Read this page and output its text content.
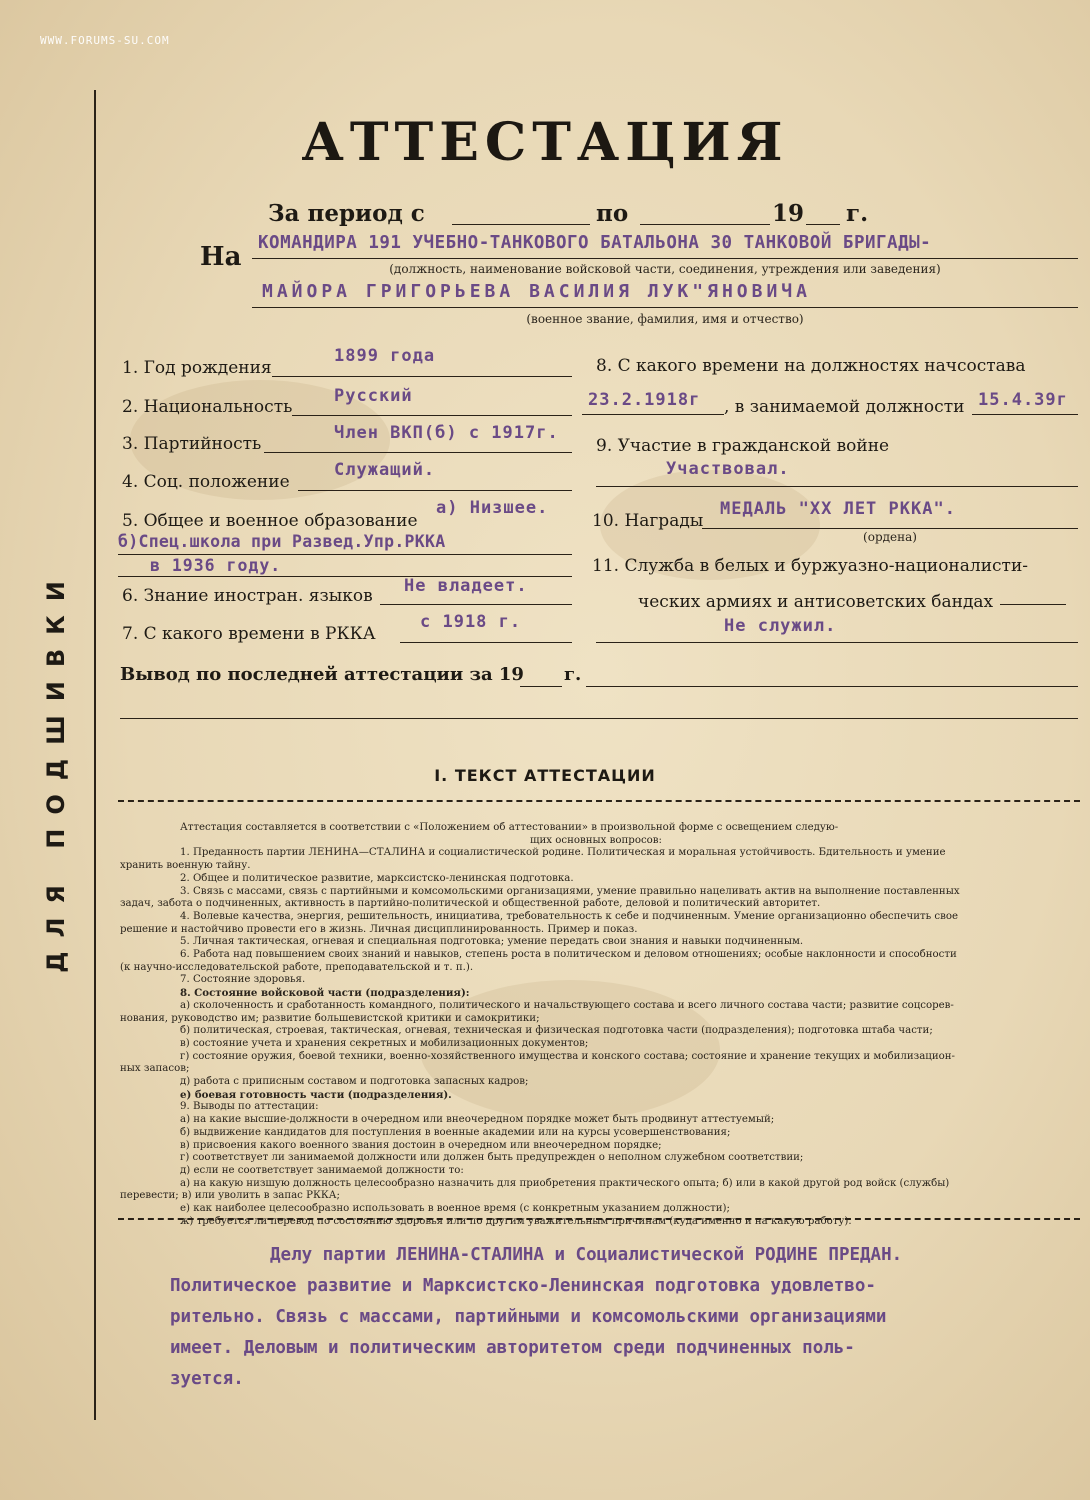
WWW.FORUMS-SU.COM
ДЛЯ ПОДШИВКИ
АТТЕСТАЦИЯ
За период с	по	19 г.
На КОМАНДИРА 191 УЧЕБНО-ТАНКОВОГО БАТАЛЬОНА 30 ТАНКОВОЙ БРИГАДЫ-
(должность, наименование войсковой части, соединения, утреждения или заведения)
МАЙОРА ГРИГОРЬЕВА ВАСИЛИЯ ЛУК"ЯНОВИЧА
(военное звание, фамилия, имя и отчество)
1. Год рождения
1899 года
2. Национальность
Русский
3. Партийность
Член ВКП(б) с 1917г.
4. Соц. положение
Служащий.
5. Общее и военное образование
а) Низшее.
б)Спец.школа при Развед.Упр.РККА
в 1936 году.
6. Знание иностран. языков Не владеет.
7. С какого времени в РККА
с 1918 г.
8. С какого времени на должностях начсостава
23.2.1918г , в занимаемой должности 15.4.39г
9. Участие в гражданской войне
Участвовал.
10. Награды
МЕДАЛЬ "XX ЛЕТ РККА".
(ордена)
11. Служба в белых и буржуазно-националисти-
ческих армиях и антисоветских бандах
Не служил.
Вывод по последней аттестации за 19 г.
I. ТЕКСТ АТТЕСТАЦИИ
Аттестация составляется в соответствии с «Положением об аттестовании» в произвольной форме с освещением следую-
щих основных вопросов:
1. Преданность партии ЛЕНИНА—СТАЛИНА и социалистической родине. Политическая и моральная устойчивость. Бдительность и умение
хранить военную тайну.
2. Общее и политическое развитие, марксистско-ленинская подготовка.
3. Связь с массами, связь с партийными и комсомольскими организациями, умение правильно нацеливать актив на выполнение поставленных
задач, забота о подчиненных, активность в партийно-политической и общественной работе, деловой и политический авторитет.
4. Волевые качества, энергия, решительность, инициатива, требовательность к себе и подчиненным. Умение организационно обеспечить свое
решение и настойчиво провести его в жизнь. Личная дисциплинированность. Пример и показ.
5. Личная тактическая, огневая и специальная подготовка; умение передать свои знания и навыки подчиненным.
6. Работа над повышением своих знаний и навыков, степень роста в политическом и деловом отношениях; особые наклонности и способности
(к научно-исследовательской работе, преподавательской и т. п.).
7. Состояние здоровья.
8. Состояние войсковой части (подразделения):
а) сколоченность и сработанность командного, политического и начальствующего состава и всего личного состава части; развитие соцсорев-
нования, руководство им; развитие большевистской критики и самокритики;
б) политическая, строевая, тактическая, огневая, техническая и физическая подготовка части (подразделения); подготовка штаба части;
в) состояние учета и хранения секретных и мобилизационных документов;
г) состояние оружия, боевой техники, военно-хозяйственного имущества и конского состава; состояние и хранение текущих и мобилизацион-
ных запасов;
д) работа с приписным составом и подготовка запасных кадров;
е) боевая готовность части (подразделения).
9. Выводы по аттестации:
а) на какие высшие-должности в очередном или внеочередном порядке может быть продвинут аттестуемый;
б) выдвижение кандидатов для поступления в военные академии или на курсы усовершенствования;
в) присвоения какого военного звания достоин в очередном или внеочередном порядке;
г) соответствует ли занимаемой должности или должен быть предупрежден о неполном служебном соответствии;
д) если не соответствует занимаемой должности то:
а) на какую низшую должность целесообразно назначить для приобретения практического опыта; б) или в какой другой род войск (службы)
перевести; в) или уволить в запас РККА;
е) как наиболее целесообразно использовать в военное время (с конкретным указанием должности);
ж) требуется ли перевод по состоянию здоровья или по другим уважительным причинам (куда именно и на какую работу).
Делу партии ЛЕНИНА-СТАЛИНА и Социалистической РОДИНЕ ПРЕДАН.
Политическое развитие и Марксистско-Ленинская подготовка удовлетво-
рительно. Связь с массами, партийными и комсомольскими организациями
имеет. Деловым и политическим авторитетом среди подчиненных поль-
зуется.
